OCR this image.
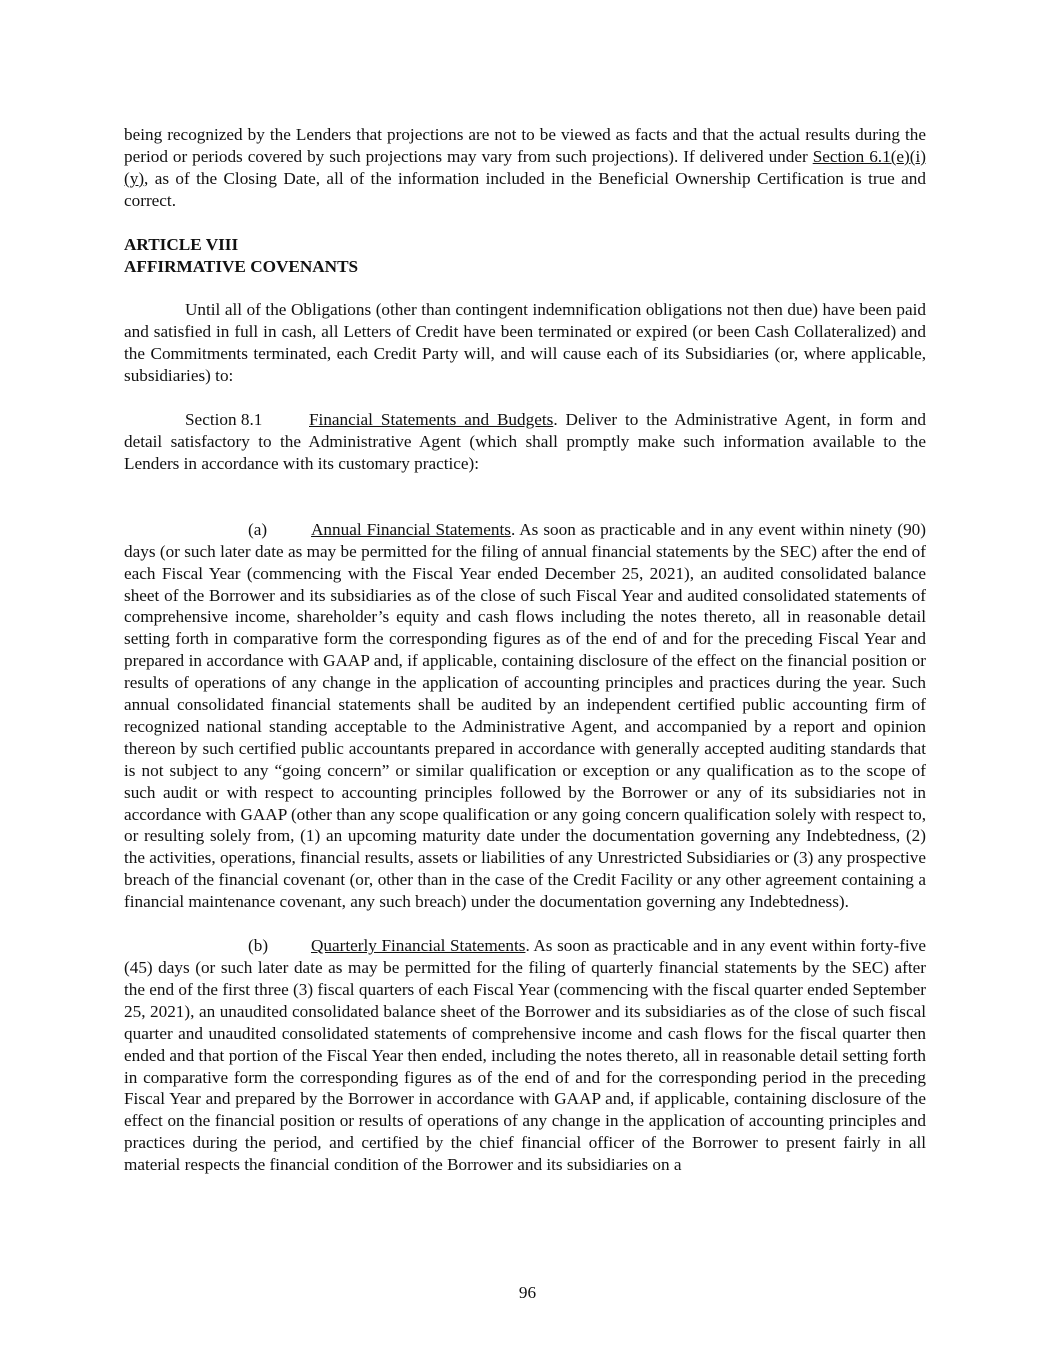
being recognized by the Lenders that projections are not to be viewed as facts and that the actual results during the period or periods covered by such projections may vary from such projections). If delivered under Section 6.1(e)(i)(y), as of the Closing Date, all of the information included in the Beneficial Ownership Certification is true and correct.

ARTICLE VIII

AFFIRMATIVE COVENANTS

Until all of the Obligations (other than contingent indemnification obligations not then due) have been paid and satisfied in full in cash, all Letters of Credit have been terminated or expired (or been Cash Collateralized) and the Commitments terminated, each Credit Party will, and will cause each of its Subsidiaries (or, where applicable, subsidiaries) to:

Section 8.1	Financial Statements and Budgets. Deliver to the Administrative Agent, in form and detail satisfactory to the Administrative Agent (which shall promptly make such information available to the Lenders in accordance with its customary practice):

(a)	Annual Financial Statements. As soon as practicable and in any event within ninety (90) days (or such later date as may be permitted for the filing of annual financial statements by the SEC) after the end of each Fiscal Year (commencing with the Fiscal Year ended December 25, 2021), an audited consolidated balance sheet of the Borrower and its subsidiaries as of the close of such Fiscal Year and audited consolidated statements of comprehensive income, shareholder’s equity and cash flows including the notes thereto, all in reasonable detail setting forth in comparative form the corresponding figures as of the end of and for the preceding Fiscal Year and prepared in accordance with GAAP and, if applicable, containing disclosure of the effect on the financial position or results of operations of any change in the application of accounting principles and practices during the year. Such annual consolidated financial statements shall be audited by an independent certified public accounting firm of recognized national standing acceptable to the Administrative Agent, and accompanied by a report and opinion thereon by such certified public accountants prepared in accordance with generally accepted auditing standards that is not subject to any “going concern” or similar qualification or exception or any qualification as to the scope of such audit or with respect to accounting principles followed by the Borrower or any of its subsidiaries not in accordance with GAAP (other than any scope qualification or any going concern qualification solely with respect to, or resulting solely from, (1) an upcoming maturity date under the documentation governing any Indebtedness, (2) the activities, operations, financial results, assets or liabilities of any Unrestricted Subsidiaries or (3) any prospective breach of the financial covenant (or, other than in the case of the Credit Facility or any other agreement containing a financial maintenance covenant, any such breach) under the documentation governing any Indebtedness).

(b) Quarterly Financial Statements. As soon as practicable and in any event within forty-five (45) days (or such later date as may be permitted for the filing of quarterly financial statements by the SEC) after the end of the first three (3) fiscal quarters of each Fiscal Year (commencing with the fiscal quarter ended September 25, 2021), an unaudited consolidated balance sheet of the Borrower and its subsidiaries as of the close of such fiscal quarter and unaudited consolidated statements of comprehensive income and cash flows for the fiscal quarter then ended and that portion of the Fiscal Year then ended, including the notes thereto, all in reasonable detail setting forth in comparative form the corresponding figures as of the end of and for the corresponding period in the preceding Fiscal Year and prepared by the Borrower in accordance with GAAP and, if applicable, containing disclosure of the effect on the financial position or results of operations of any change in the application of accounting principles and practices during the period, and certified by the chief financial officer of the Borrower to present fairly in all material respects the financial condition of the Borrower and its subsidiaries on a

96
